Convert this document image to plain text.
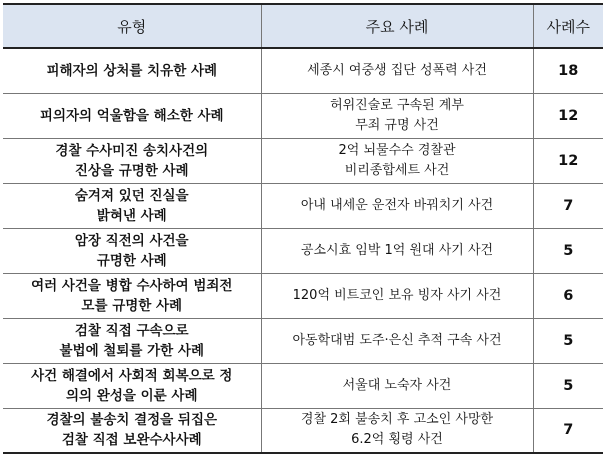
유형	주요 사례	사례수

피해자의 상처를 치유한 사례	세종시 여중생 집단 성폭력 사건	18

피의자의 억울함을 해소한 사례	허위진술로 구속된 계부
무죄 규명 사건	12

경찰 수사미진 송치사건의
진상을 규명한 사례	2억 뇌물수수 경찰관
비리종합세트 사건	12

숨겨져 있던 진실을
밝혀낸 사례	아내 내세운 운전자 바꿔치기 사건	7

암장 직전의 사건을
규명한 사례	공소시효 임박 1억 원대 사기 사건	5

여러 사건을 병합 수사하여 범죄전
모를 규명한 사례	120억 비트코인 보유 빙자 사기 사건	6

검찰 직접 구속으로
불법에 철퇴를 가한 사례	아동학대범 도주·은신 추적 구속 사건	5

사건 해결에서 사회적 회복으로 정
의의 완성을 이룬 사례	서울대 노숙자 사건	5

경찰의 불송치 결정을 뒤집은
검찰 직접 보완수사사례	경찰 2회 불송치 후 고소인 사망한
6.2억 횡령 사건	7
